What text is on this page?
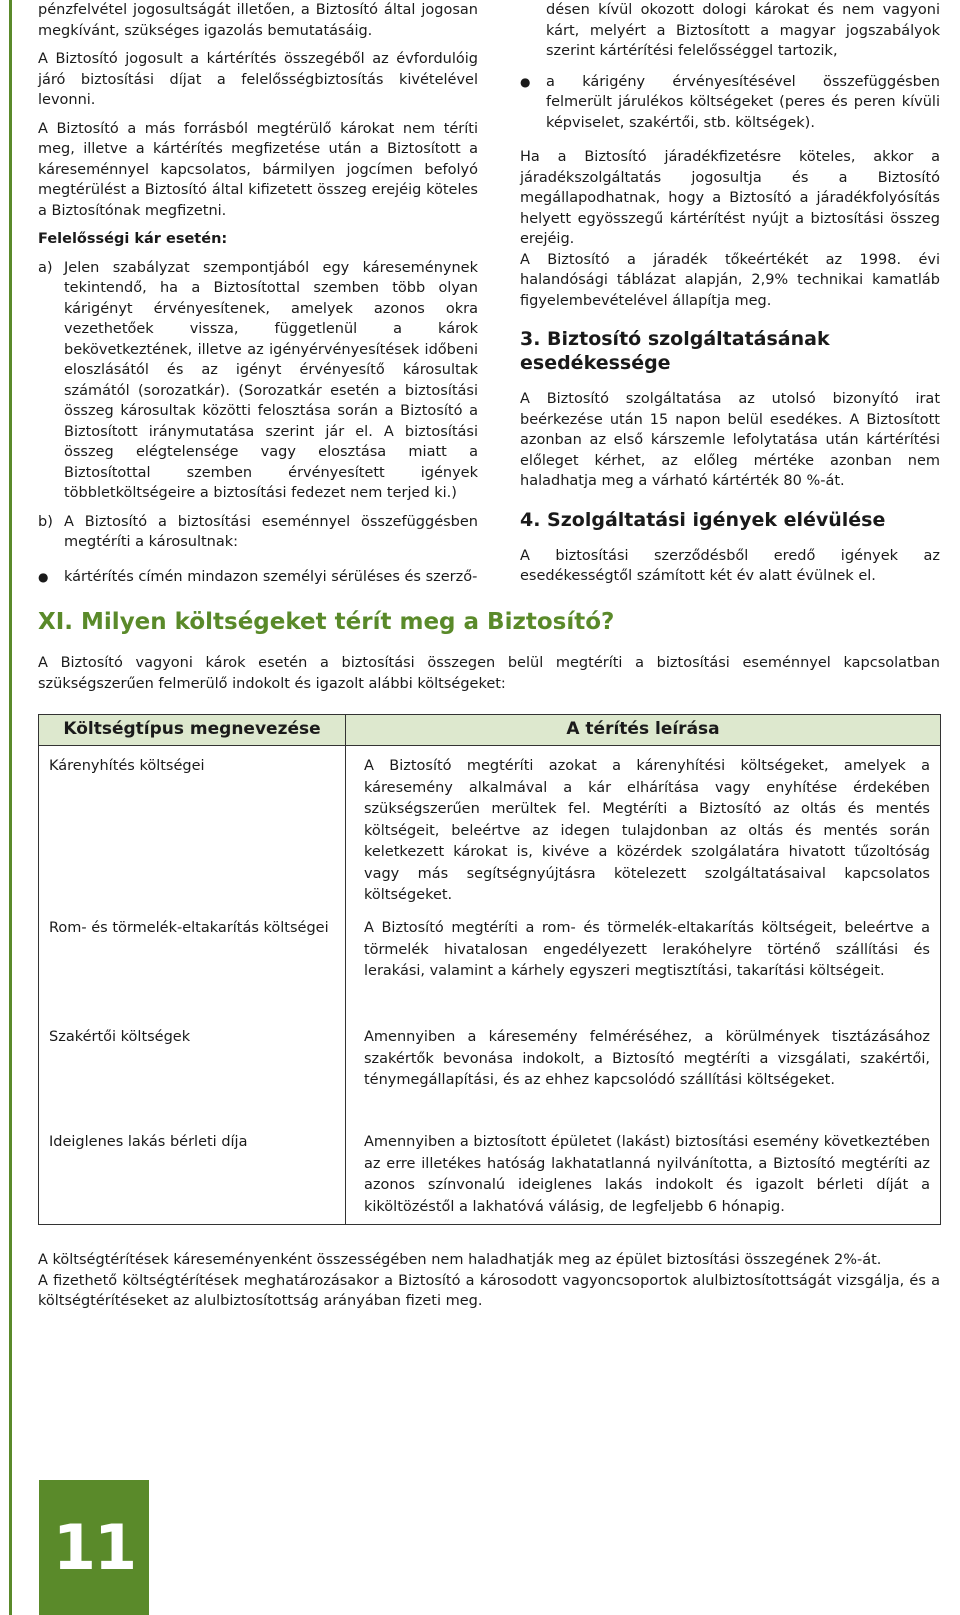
pénzfelvétel jogosultságát illetően, a Biztosító által jogosan megkívánt, szükséges igazolás bemutatásáig.

A Biztosító jogosult a kártérítés összegéből az évfordulóig járó biztosítási díjat a felelősségbiztosítás kivételével levonni.

A Biztosító a más forrásból megtérülő károkat nem téríti meg, illetve a kártérítés megfizetése után a Biztosított a káreseménnyel kapcsolatos, bármilyen jogcímen befolyó megtérülést a Biztosító által kifizetett összeg erejéig köteles a Biztosítónak megfizetni.

Felelősségi kár esetén:
a) Jelen szabályzat szempontjából egy káreseménynek tekintendő, ha a Biztosítottal szemben több olyan kárigényt érvényesítenek, amelyek azonos okra vezethetőek vissza, függetlenül a károk bekövetkeztének, illetve az igényérvényesítések időbeni eloszlásától és az igényt érvényesítő károsultak számától (sorozatkár). (Sorozatkár esetén a biztosítási összeg károsultak közötti felosztása során a Biztosító a Biztosított iránymutatása szerint jár el. A biztosítási összeg elégtelensége vagy elosztása miatt a Biztosítottal szemben érvényesített igények többletköltségeire a biztosítási fedezet nem terjed ki.)
b) A Biztosító a biztosítási eseménnyel összefüggésben megtéríti a károsultnak:
● kártérítés címén mindazon személyi sérüléses és szerző-
désen kívül okozott dologi károkat és nem vagyoni kárt, melyért a Biztosított a magyar jogszabályok szerint kártérítési felelősséggel tartozik,
● a kárigény érvényesítésével összefüggésben felmerült járulékos költségeket (peres és peren kívüli képviselet, szakértői, stb. költségek).

Ha a Biztosító járadékfizetésre köteles, akkor a járadékszolgáltatás jogosultja és a Biztosító megállapodhatnak, hogy a Biztosító a járadékfolyósítás helyett egyösszegű kártérítést nyújt a biztosítási összeg erejéig.

A Biztosító a járadék tőkeértékét az 1998. évi halandósági táblázat alapján, 2,9% technikai kamatláb figyelembevételével állapítja meg.

3. Biztosító szolgáltatásának esedékessége

A Biztosító szolgáltatása az utolsó bizonyító irat beérkezése után 15 napon belül esedékes. A Biztosított azonban az első kárszemle lefolytatása után kártérítési előleget kérhet, az előleg mértéke azonban nem haladhatja meg a várható kártérték 80 %-át.

4. Szolgáltatási igények elévülése

A biztosítási szerződésből eredő igények az esedékességtől számított két év alatt évülnek el.

XI. Milyen költségeket térít meg a Biztosító?

A Biztosító vagyoni károk esetén a biztosítási összegen belül megtéríti a biztosítási eseménnyel kapcsolatban szükségszerűen felmerülő indokolt és igazolt alábbi költségeket:

Költségtípus megnevezése	A térítés leírása
Kárenyhítés költségei	A Biztosító megtéríti azokat a kárenyhítési költségeket, amelyek a káresemény alkalmával a kár elhárítása vagy enyhítése érdekében szükségszerűen merültek fel. Megtéríti a Biztosító az oltás és mentés költségeit, beleértve az idegen tulajdonban az oltás és mentés során keletkezett károkat is, kivéve a közérdek szolgálatára hivatott tűzoltóság vagy más segítségnyújtásra kötelezett szolgáltatásaival kapcsolatos költségeket.
Rom- és törmelék-eltakarítás költségei	A Biztosító megtéríti a rom- és törmelék-eltakarítás költségeit, beleértve a törmelék hivatalosan engedélyezett lerakóhelyre történő szállítási és lerakási, valamint a kárhely egyszeri megtisztítási, takarítási költségeit.
Szakértői költségek	Amennyiben a káresemény felméréséhez, a körülmények tisztázásához szakértők bevonása indokolt, a Biztosító megtéríti a vizsgálati, szakértői, ténymegállapítási, és az ehhez kapcsolódó szállítási költségeket.
Ideiglenes lakás bérleti díja	Amennyiben a biztosított épületet (lakást) biztosítási esemény következtében az erre illetékes hatóság lakhatatlanná nyilvánította, a Biztosító megtéríti az azonos színvonalú ideiglenes lakás indokolt és igazolt bérleti díját a kiköltözéstől a lakhatóvá válásig, de legfeljebb 6 hónapig.

A költségtérítések káreseményenként összességében nem haladhatják meg az épület biztosítási összegének 2%-át.

A fizethető költségtérítések meghatározásakor a Biztosító a károsodott vagyoncsoportok alulbiztosítottságát vizsgálja, és a költségtérítéseket az alulbiztosítottság arányában fizeti meg.

11
